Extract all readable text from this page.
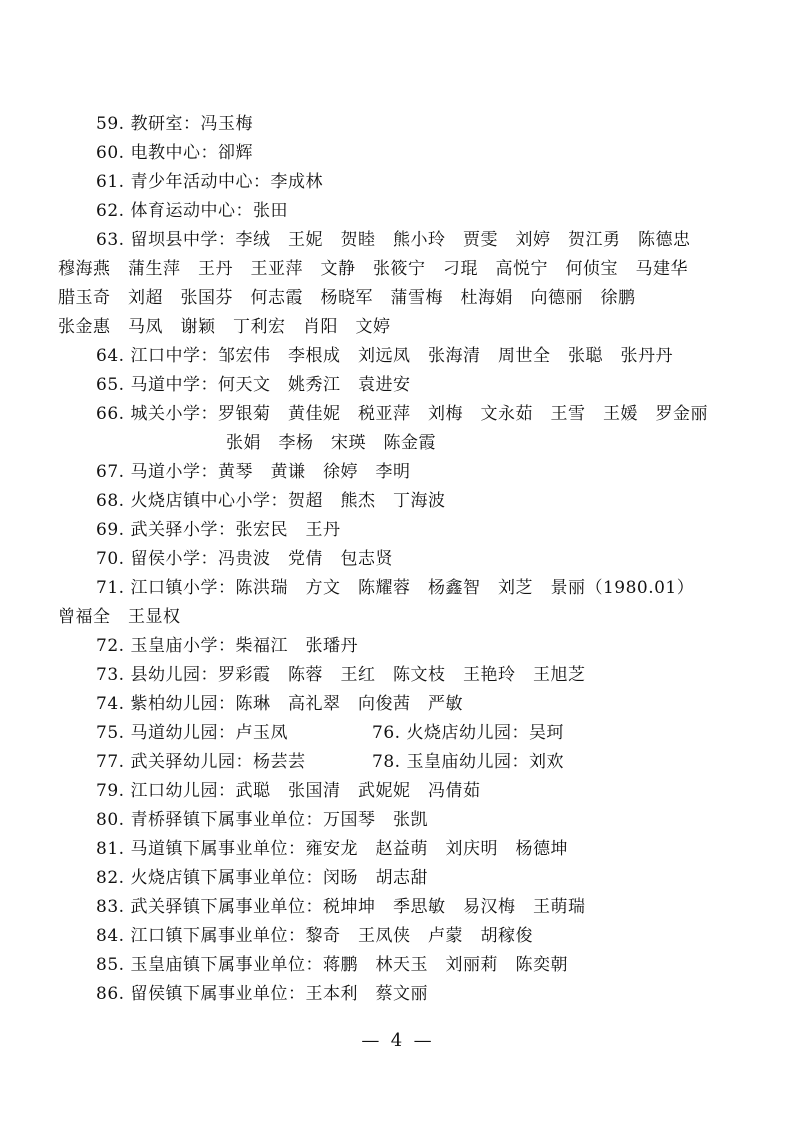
59. 教研室：冯玉梅
60. 电教中心：卻辉
61. 青少年活动中心：李成林
62. 体育运动中心：张田
63. 留坝县中学：李绒　王妮　贺睦　熊小玲　贾雯　刘婷　贺江勇　陈德忠
穆海燕　蒲生萍　王丹　王亚萍　文静　张筱宁　刁琨　高悦宁　何侦宝　马建华
腊玉奇　刘超　张国芬　何志霞　杨晓军　蒲雪梅　杜海娟　向德丽　徐鹏
张金惠　马凤　谢颖　丁利宏　肖阳　文婷
64. 江口中学：邹宏伟　李根成　刘远凤　张海清　周世全　张聪　张丹丹
65. 马道中学：何天文　姚秀江　袁进安
66. 城关小学：罗银菊　黄佳妮　税亚萍　刘梅　文永茹　王雪　王媛　罗金丽
张娟　李杨　宋瑛　陈金霞
67. 马道小学：黄琴　黄谦　徐婷　李明
68. 火烧店镇中心小学：贺超　熊杰　丁海波
69. 武关驿小学：张宏民　王丹
70. 留侯小学：冯贵波　党倩　包志贤
71. 江口镇小学：陈洪瑞　方文　陈耀蓉　杨鑫智　刘芝　景丽（1980.01）
曾福全　王显权
72. 玉皇庙小学：柴福江　张璠丹
73. 县幼儿园：罗彩霞　陈蓉　王红　陈文枝　王艳玲　王旭芝
74. 紫柏幼儿园：陈琳　高礼翠　向俊茜　严敏
75. 马道幼儿园：卢玉凤	76. 火烧店幼儿园：吴珂
77. 武关驿幼儿园：杨芸芸	78. 玉皇庙幼儿园：刘欢
79. 江口幼儿园：武聪　张国清　武妮妮　冯倩茹
80. 青桥驿镇下属事业单位：万国琴　张凯
81. 马道镇下属事业单位：雍安龙　赵益萌　刘庆明　杨德坤
82. 火烧店镇下属事业单位：闵旸　胡志甜
83. 武关驿镇下属事业单位：税坤坤　季思敏　易汉梅　王萌瑞
84. 江口镇下属事业单位：黎奇　王凤侠　卢蒙　胡稼俊
85. 玉皇庙镇下属事业单位：蒋鹏　林天玉　刘丽莉　陈奕朝
86. 留侯镇下属事业单位：王本利　蔡文丽
—  4  —
